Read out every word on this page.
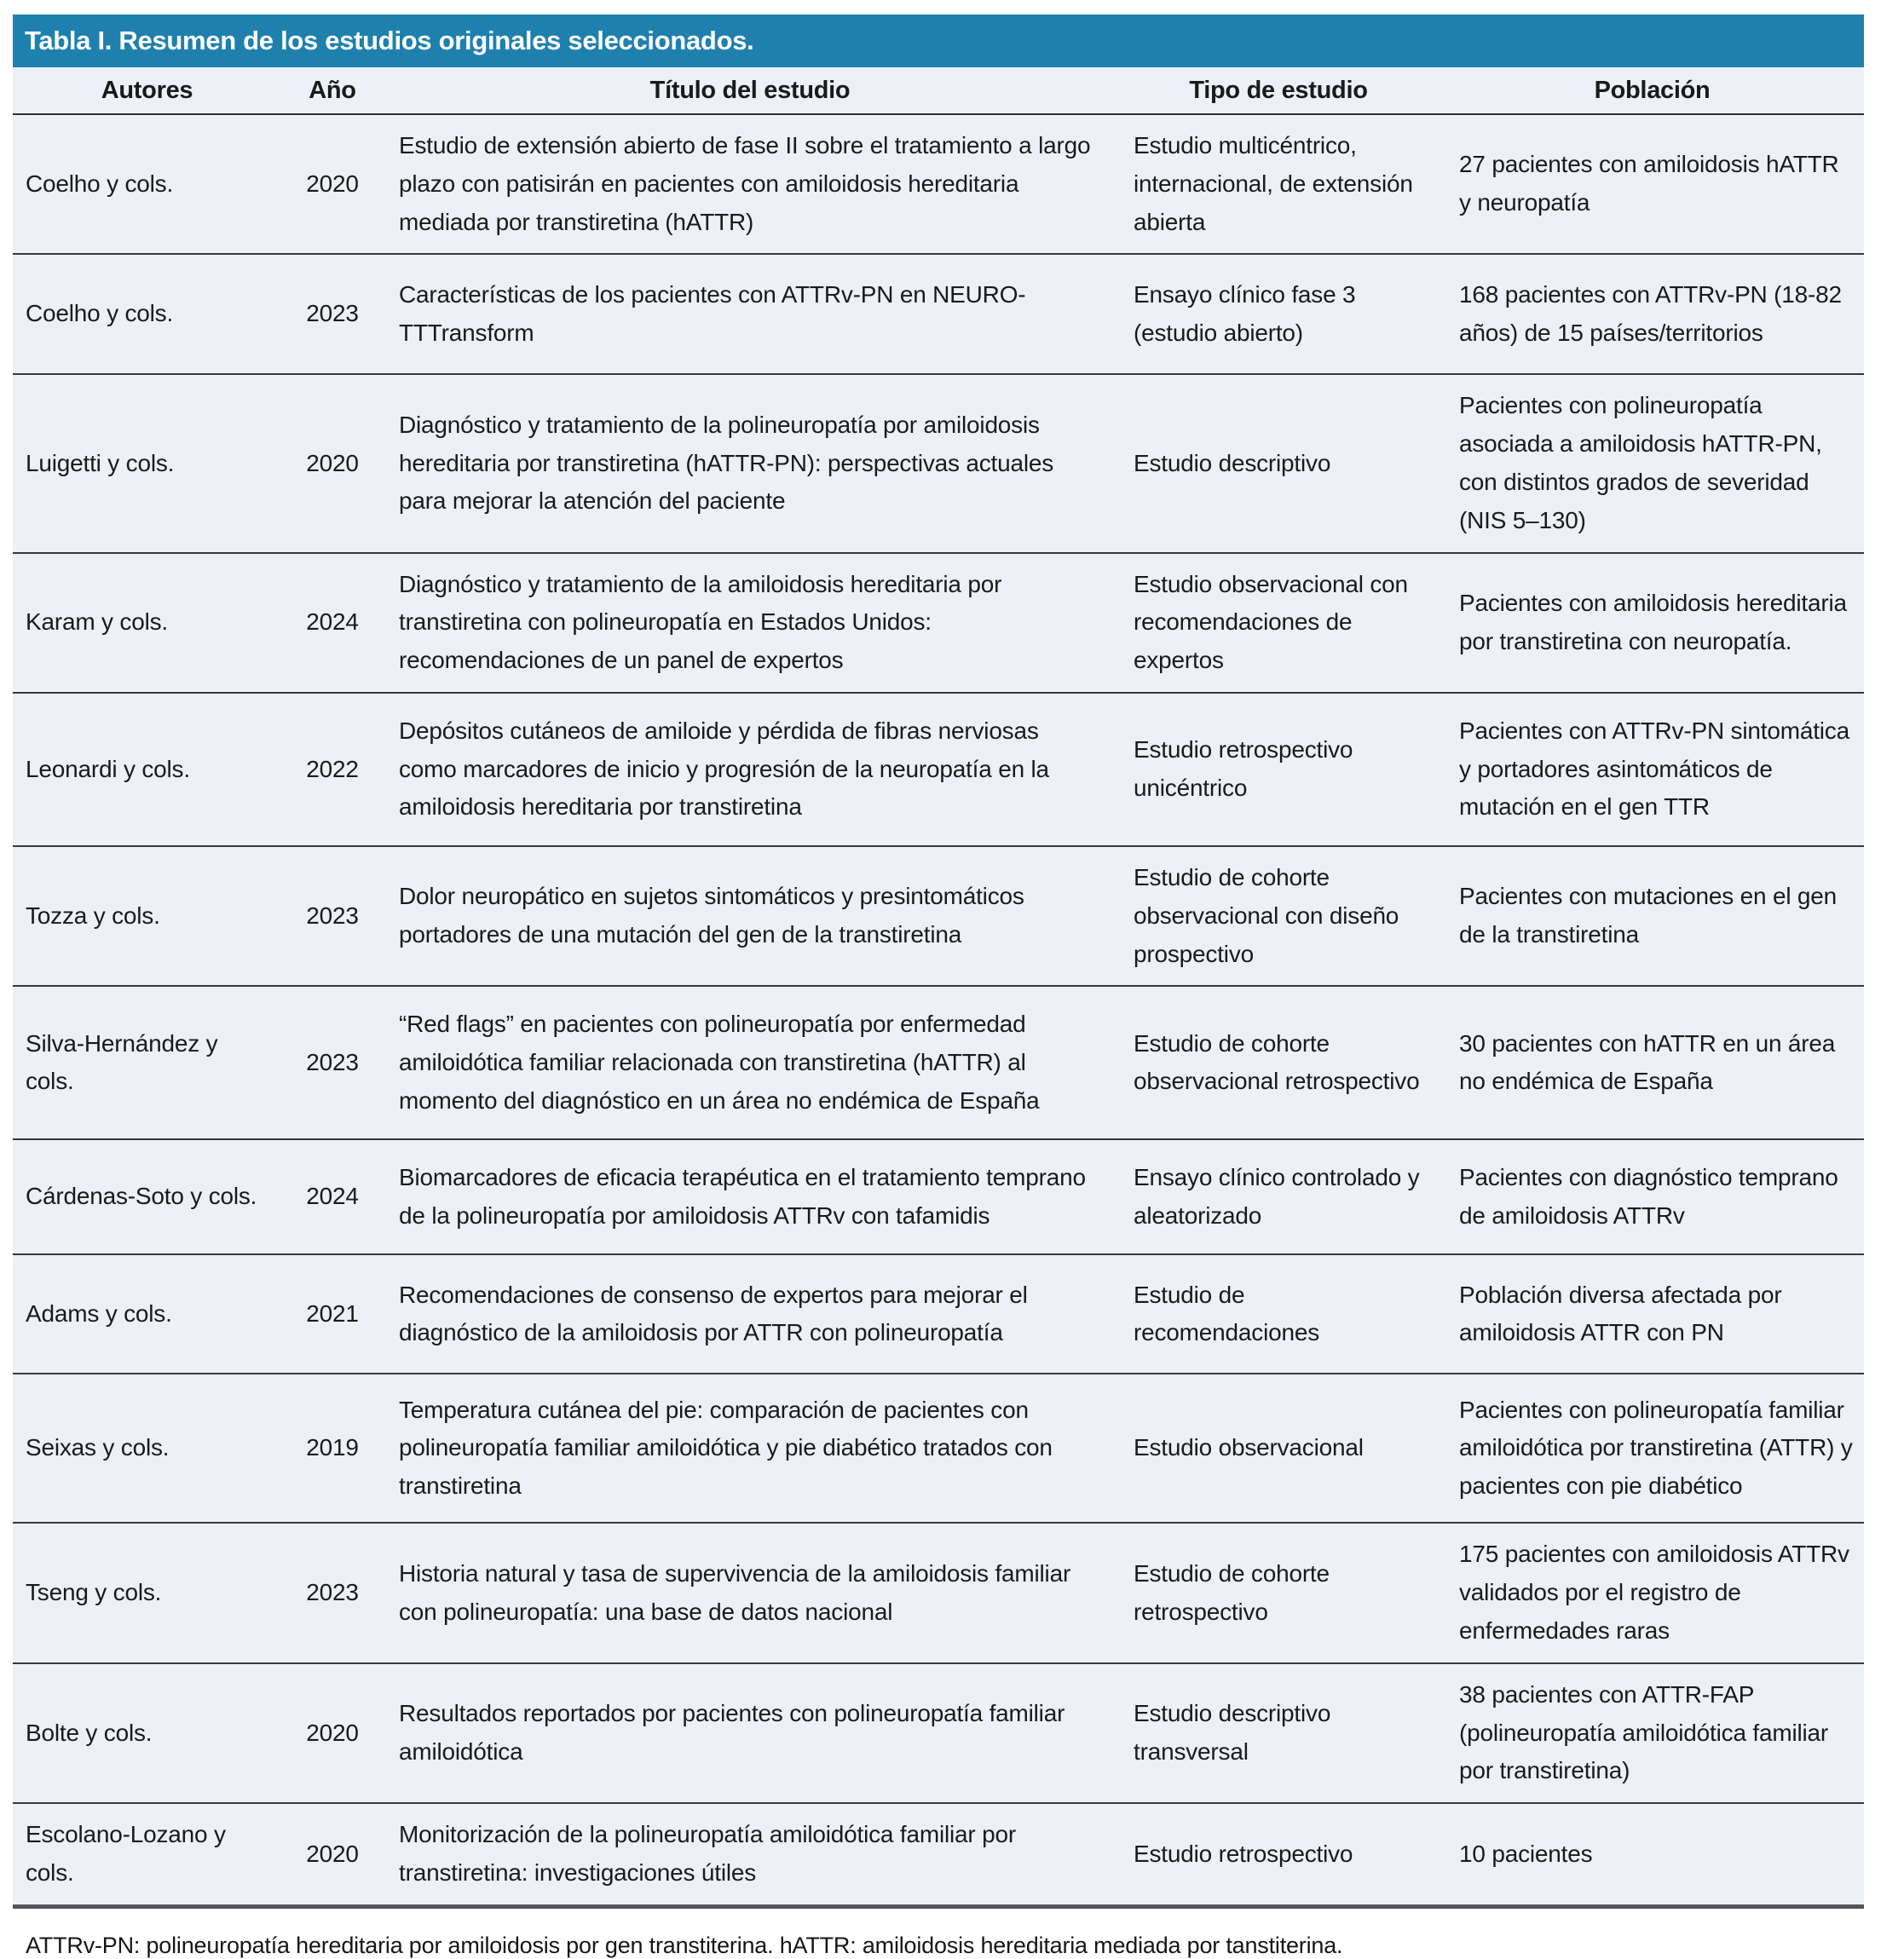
Tabla I. Resumen de los estudios originales seleccionados.
Autores	Año	Título del estudio	Tipo de estudio	Población
Coelho y cols.	2020	Estudio de extensión abierto de fase II sobre el tratamiento a largo plazo con patisirán en pacientes con amiloidosis hereditaria mediada por transtiretina (hATTR)	Estudio multicéntrico, internacional, de extensión abierta	27 pacientes con amiloidosis hATTR y neuropatía
Coelho y cols.	2023	Características de los pacientes con ATTRv-PN en NEURO-TTTransform	Ensayo clínico fase 3 (estudio abierto)	168 pacientes con ATTRv-PN (18-82 años) de 15 países/territorios
Luigetti y cols.	2020	Diagnóstico y tratamiento de la polineuropatía por amiloidosis hereditaria por transtiretina (hATTR-PN): perspectivas actuales para mejorar la atención del paciente	Estudio descriptivo	Pacientes con polineuropatía asociada a amiloidosis hATTR-PN, con distintos grados de severidad (NIS 5–130)
Karam y cols.	2024	Diagnóstico y tratamiento de la amiloidosis hereditaria por transtiretina con polineuropatía en Estados Unidos: recomendaciones de un panel de expertos	Estudio observacional con recomendaciones de expertos	Pacientes con amiloidosis hereditaria por transtiretina con neuropatía.
Leonardi y cols.	2022	Depósitos cutáneos de amiloide y pérdida de fibras nerviosas como marcadores de inicio y progresión de la neuropatía en la amiloidosis hereditaria por transtiretina	Estudio retrospectivo unicéntrico	Pacientes con ATTRv-PN sintomática y portadores asintomáticos de mutación en el gen TTR
Tozza y cols.	2023	Dolor neuropático en sujetos sintomáticos y presintomáticos portadores de una mutación del gen de la transtiretina	Estudio de cohorte observacional con diseño prospectivo	Pacientes con mutaciones en el gen de la transtiretina
Silva-Hernández y cols.	2023	“Red flags” en pacientes con polineuropatía por enfermedad amiloidótica familiar relacionada con transtiretina (hATTR) al momento del diagnóstico en un área no endémica de España	Estudio de cohorte observacional retrospectivo	30 pacientes con hATTR en un área no endémica de España
Cárdenas-Soto y cols.	2024	Biomarcadores de eficacia terapéutica en el tratamiento temprano de la polineuropatía por amiloidosis ATTRv con tafamidis	Ensayo clínico controlado y aleatorizado	Pacientes con diagnóstico temprano de amiloidosis ATTRv
Adams y cols.	2021	Recomendaciones de consenso de expertos para mejorar el diagnóstico de la amiloidosis por ATTR con polineuropatía	Estudio de recomendaciones	Población diversa afectada por amiloidosis ATTR con PN
Seixas y cols.	2019	Temperatura cutánea del pie: comparación de pacientes con polineuropatía familiar amiloidótica y pie diabético tratados con transtiretina	Estudio observacional	Pacientes con polineuropatía familiar amiloidótica por transtiretina (ATTR) y pacientes con pie diabético
Tseng y cols.	2023	Historia natural y tasa de supervivencia de la amiloidosis familiar con polineuropatía: una base de datos nacional	Estudio de cohorte retrospectivo	175 pacientes con amiloidosis ATTRv validados por el registro de enfermedades raras
Bolte y cols.	2020	Resultados reportados por pacientes con polineuropatía familiar amiloidótica	Estudio descriptivo transversal	38 pacientes con ATTR-FAP (polineuropatía amiloidótica familiar por transtiretina)
Escolano-Lozano y cols.	2020	Monitorización de la polineuropatía amiloidótica familiar por transtiretina: investigaciones útiles	Estudio retrospectivo	10 pacientes
ATTRv-PN: polineuropatía hereditaria por amiloidosis por gen transtiterina. hATTR: amiloidosis hereditaria mediada por tanstiterina.
